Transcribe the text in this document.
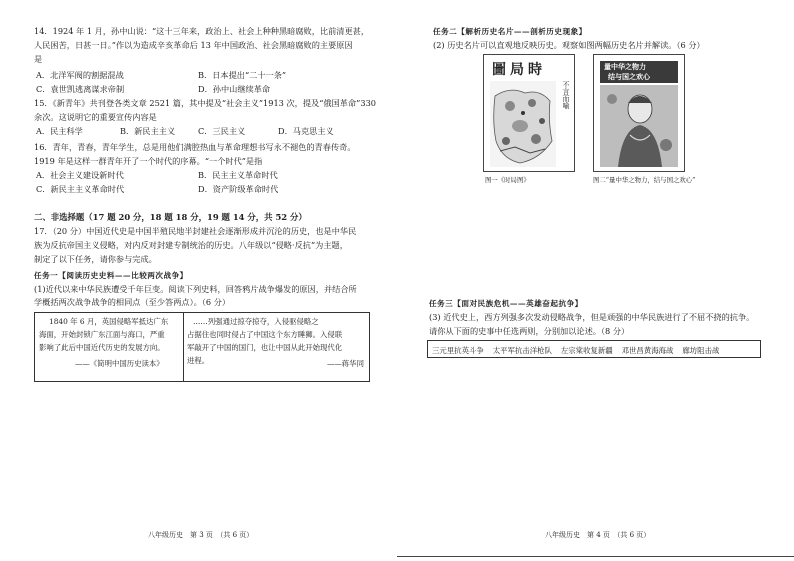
14．1924 年 1 月，孙中山说：“这十三年来，政治上、社会上种种黑暗腐败，比前清更甚，
人民困苦，日甚一日。”作以为造成辛亥革命后 13 年中国政治、社会黑暗腐败的主要原因
是
A．北洋军阀的割据混战	B．日本提出“二十一条”
C．袁世凯逃离谋求帝制	D．孙中山继续革命
15．《新青年》共刊登各类文章 2521 篇，其中提及“社会主义”1913 次，提及“俄国革命”330
余次。这说明它的重要宣传内容是
A．民主科学	B．新民主主义	C．三民主义	D．马克思主义
16．青年，青春，青年学生，总是用他们满腔热血与革命理想书写永不褪色的青春传奇。
1919 年是这样一群青年开了一个时代的序幕。“一个时代”是指
A．社会主义建设新时代	B．民主主义革命时代
C．新民主主义革命时代	D．资产阶级革命时代
二、非选择题（17 题 20 分，18 题 18 分，19 题 14 分，共 52 分）
17．（20 分）中国近代史是中国半殖民地半封建社会逐渐形成并沉沦的历史，也是中华民
族为反抗帝国主义侵略，对内反对封建专制统治的历史。八年级以“侵略·反抗”为主题，
制定了以下任务，请你参与完成。
任务一【阅读历史史料——比较两次战争】
(1)近代以来中华民族遭受千年巨变。阅读下列史料，回答鸦片战争爆发的原因，并结合所
学概括两次战争战争的相同点（至少答两点）。（6 分）
1840 年 6 月，英国侵略军抵达广东
海面，开始封锁广东江面与海口，严重
影响了此后中国近代历史的发展方向。
——《简明中国历史读本》
……列强通过掠夺掠夺，入侵驱侵略之
占据住也同时侵占了中国这个东方睡狮。入侵联
军敲开了中国的国门，也让中国从此开始现代化
进程。	——蒋华同
八年级历史　第 3 页　（共 6 页）
任务二【解析历史名片——剖析历史现象】
(2) 历史名片可以直观地反映历史。观察如图两幅历史名片并解读。（6 分）
圖局時
不言而喻
量中华之物力
结与国之欢心
图一《时局图》	图二“量中华之物力，结与国之欢心”
任务三【面对民族危机——英雄奋起抗争】
(3) 近代史上，西方列强多次发动侵略战争，但是顽强的中华民族进行了不屈不挠的抗争。
请你从下面的史事中任选两则，分别加以论述。（8 分）
三元里抗英斗争	太平军抗击洋枪队	左宗棠收复新疆	邓世昌黄海海战	廊坊阻击战
八年级历史　第 4 页　（共 6 页）
